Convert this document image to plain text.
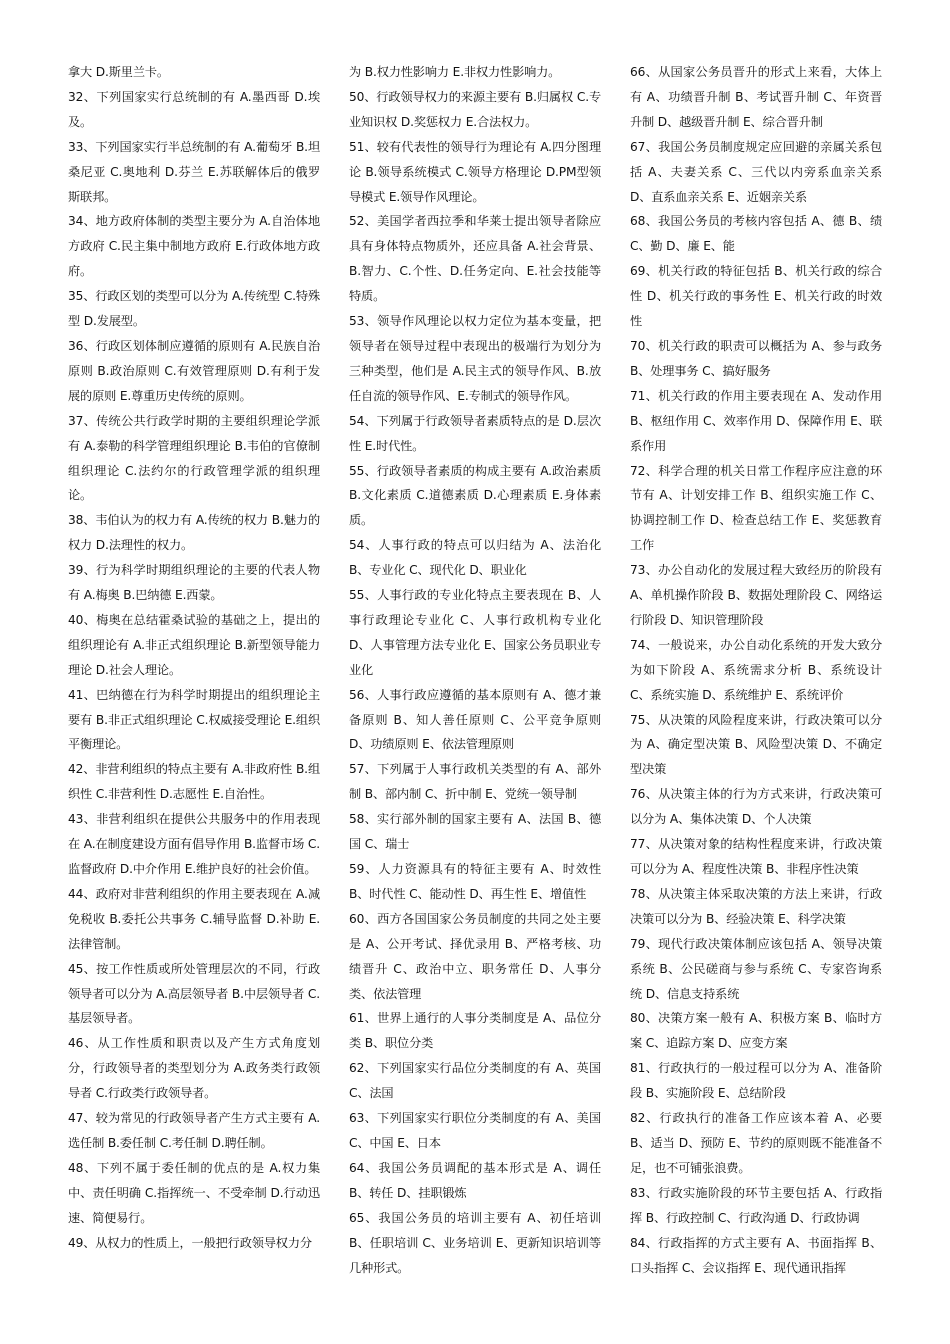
拿大 D.斯里兰卡。

32、下列国家实行总统制的有 A.墨西哥 D.埃及。

33、下列国家实行半总统制的有 A.葡萄牙 B.坦桑尼亚 C.奥地利 D.芬兰 E.苏联解体后的俄罗斯联邦。

34、地方政府体制的类型主要分为 A.自治体地方政府 C.民主集中制地方政府 E.行政体地方政府。

35、行政区划的类型可以分为 A.传统型 C.特殊型 D.发展型。

36、行政区划体制应遵循的原则有 A.民族自治原则 B.政治原则 C.有效管理原则 D.有利于发展的原则 E.尊重历史传统的原则。

37、传统公共行政学时期的主要组织理论学派有 A.泰勒的科学管理组织理论 B.韦伯的官僚制组织理论 C.法约尔的行政管理学派的组织理论。

38、韦伯认为的权力有 A.传统的权力 B.魅力的权力 D.法理性的权力。

39、行为科学时期组织理论的主要的代表人物有 A.梅奥 B.巴纳德 E.西蒙。

40、梅奥在总结霍桑试验的基础之上，提出的组织理论有 A.非正式组织理论 B.新型领导能力理论 D.社会人理论。

41、巴纳德在行为科学时期提出的组织理论主要有 B.非正式组织理论 C.权威接受理论 E.组织平衡理论。

42、非营利组织的特点主要有 A.非政府性 B.组织性 C.非营利性 D.志愿性 E.自治性。

43、非营利组织在提供公共服务中的作用表现在 A.在制度建设方面有倡导作用 B.监督市场 C.监督政府 D.中介作用 E.维护良好的社会价值。

44、政府对非营利组织的作用主要表现在 A.减免税收 B.委托公共事务 C.辅导监督 D.补助 E.法律管制。

45、按工作性质或所处管理层次的不同，行政领导者可以分为 A.高层领导者 B.中层领导者 C.基层领导者。

46、从工作性质和职责以及产生方式角度划分，行政领导者的类型划分为 A.政务类行政领导者 C.行政类行政领导者。

47、较为常见的行政领导者产生方式主要有 A.选任制 B.委任制 C.考任制 D.聘任制。

48、下列不属于委任制的优点的是 A.权力集中、责任明确 C.指挥统一、不受牵制 D.行动迅速、简便易行。

49、从权力的性质上，一般把行政领导权力分

为 B.权力性影响力 E.非权力性影响力。

50、行政领导权力的来源主要有 B.归属权 C.专业知识权 D.奖惩权力 E.合法权力。

51、较有代表性的领导行为理论有 A.四分图理论 B.领导系统模式 C.领导方格理论 D.PM型领导模式 E.领导作风理论。

52、美国学者西拉季和华莱士提出领导者除应具有身体特点物质外，还应具备 A.社会背景、B.智力、C.个性、D.任务定向、E.社会技能等特质。

53、领导作风理论以权力定位为基本变量，把领导者在领导过程中表现出的极端行为划分为三种类型，他们是 A.民主式的领导作风、B.放任自流的领导作风、E.专制式的领导作风。

54、下列属于行政领导者素质特点的是 D.层次性 E.时代性。

55、行政领导者素质的构成主要有 A.政治素质 B.文化素质 C.道德素质 D.心理素质 E.身体素质。

54、人事行政的特点可以归结为 A、法治化 B、专业化 C、现代化 D、职业化

55、人事行政的专业化特点主要表现在 B、人事行政理论专业化 C、人事行政机构专业化 D、人事管理方法专业化 E、国家公务员职业专业化

56、人事行政应遵循的基本原则有 A、德才兼备原则 B、知人善任原则 C、公平竞争原则 D、功绩原则 E、依法管理原则

57、下列属于人事行政机关类型的有 A、部外制 B、部内制 C、折中制 E、党统一领导制

58、实行部外制的国家主要有 A、法国 B、德国 C、瑞士

59、人力资源具有的特征主要有 A、时效性 B、时代性 C、能动性 D、再生性 E、增值性

60、西方各国国家公务员制度的共同之处主要是 A、公开考试、择优录用 B、严格考核、功绩晋升 C、政治中立、职务常任 D、人事分类、依法管理

61、世界上通行的人事分类制度是 A、品位分类 B、职位分类

62、下列国家实行品位分类制度的有 A、英国 C、法国

63、下列国家实行职位分类制度的有 A、美国 C、中国 E、日本

64、我国公务员调配的基本形式是 A、调任 B、转任 D、挂职锻炼

65、我国公务员的培训主要有 A、初任培训 B、任职培训 C、业务培训 E、更新知识培训等几种形式。

66、从国家公务员晋升的形式上来看，大体上有 A、功绩晋升制 B、考试晋升制 C、年资晋升制 D、越级晋升制 E、综合晋升制

67、我国公务员制度规定应回避的亲属关系包括 A、夫妻关系 C、三代以内旁系血亲关系 D、直系血亲关系 E、近姻亲关系

68、我国公务员的考核内容包括 A、德 B、绩 C、勤 D、廉 E、能

69、机关行政的特征包括 B、机关行政的综合性 D、机关行政的事务性 E、机关行政的时效性

70、机关行政的职责可以概括为 A、参与政务 B、处理事务 C、搞好服务

71、机关行政的作用主要表现在 A、发动作用 B、枢纽作用 C、效率作用 D、保障作用 E、联系作用

72、科学合理的机关日常工作程序应注意的环节有 A、计划安排工作 B、组织实施工作 C、协调控制工作 D、检查总结工作 E、奖惩教育工作

73、办公自动化的发展过程大致经历的阶段有 A、单机操作阶段 B、数据处理阶段 C、网络运行阶段 D、知识管理阶段

74、一般说来，办公自动化系统的开发大致分为如下阶段 A、系统需求分析 B、系统设计 C、系统实施 D、系统维护 E、系统评价

75、从决策的风险程度来讲，行政决策可以分为 A、确定型决策 B、风险型决策 D、不确定型决策

76、从决策主体的行为方式来讲，行政决策可以分为 A、集体决策 D、个人决策

77、从决策对象的结构性程度来讲，行政决策可以分为 A、程度性决策 B、非程序性决策

78、从决策主体采取决策的方法上来讲，行政决策可以分为 B、经验决策 E、科学决策

79、现代行政决策体制应该包括 A、领导决策系统 B、公民磋商与参与系统 C、专家咨询系统 D、信息支持系统

80、决策方案一般有 A、积极方案 B、临时方案 C、追踪方案 D、应变方案

81、行政执行的一般过程可以分为 A、准备阶段 B、实施阶段 E、总结阶段

82、行政执行的准备工作应该本着 A、必要 B、适当 D、预防 E、节约的原则既不能准备不足，也不可铺张浪费。

83、行政实施阶段的环节主要包括 A、行政指挥 B、行政控制 C、行政沟通 D、行政协调

84、行政指挥的方式主要有 A、书面指挥 B、口头指挥 C、会议指挥 E、现代通讯指挥
